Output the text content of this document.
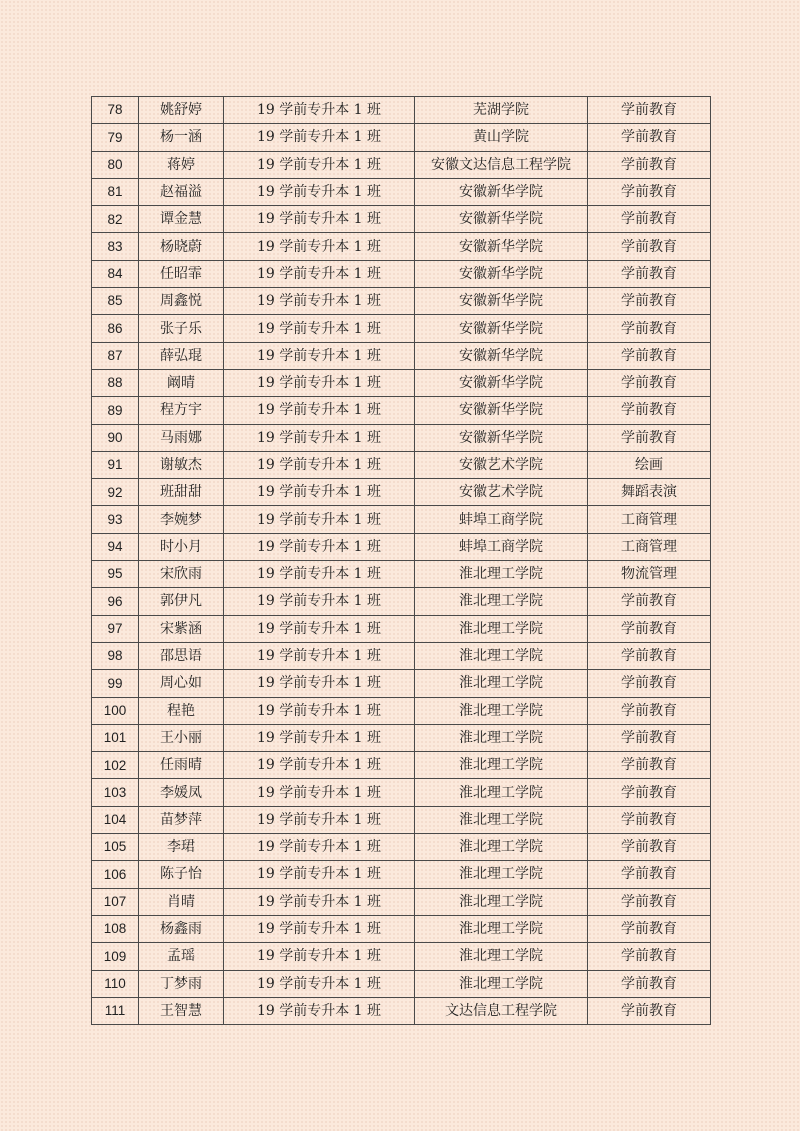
78	姚舒婷	19 学前专升本 1 班	芜湖学院	学前教育
79	杨一涵	19 学前专升本 1 班	黄山学院	学前教育
80	蒋婷	19 学前专升本 1 班	安徽文达信息工程学院	学前教育
81	赵福溢	19 学前专升本 1 班	安徽新华学院	学前教育
82	谭金慧	19 学前专升本 1 班	安徽新华学院	学前教育
83	杨晓蔚	19 学前专升本 1 班	安徽新华学院	学前教育
84	任昭霏	19 学前专升本 1 班	安徽新华学院	学前教育
85	周鑫悦	19 学前专升本 1 班	安徽新华学院	学前教育
86	张子乐	19 学前专升本 1 班	安徽新华学院	学前教育
87	薛弘琨	19 学前专升本 1 班	安徽新华学院	学前教育
88	阚晴	19 学前专升本 1 班	安徽新华学院	学前教育
89	程方宇	19 学前专升本 1 班	安徽新华学院	学前教育
90	马雨娜	19 学前专升本 1 班	安徽新华学院	学前教育
91	谢敏杰	19 学前专升本 1 班	安徽艺术学院	绘画
92	班甜甜	19 学前专升本 1 班	安徽艺术学院	舞蹈表演
93	李婉梦	19 学前专升本 1 班	蚌埠工商学院	工商管理
94	时小月	19 学前专升本 1 班	蚌埠工商学院	工商管理
95	宋欣雨	19 学前专升本 1 班	淮北理工学院	物流管理
96	郭伊凡	19 学前专升本 1 班	淮北理工学院	学前教育
97	宋紫涵	19 学前专升本 1 班	淮北理工学院	学前教育
98	邵思语	19 学前专升本 1 班	淮北理工学院	学前教育
99	周心如	19 学前专升本 1 班	淮北理工学院	学前教育
100	程艳	19 学前专升本 1 班	淮北理工学院	学前教育
101	王小丽	19 学前专升本 1 班	淮北理工学院	学前教育
102	任雨晴	19 学前专升本 1 班	淮北理工学院	学前教育
103	李媛凤	19 学前专升本 1 班	淮北理工学院	学前教育
104	苗梦萍	19 学前专升本 1 班	淮北理工学院	学前教育
105	李珺	19 学前专升本 1 班	淮北理工学院	学前教育
106	陈子怡	19 学前专升本 1 班	淮北理工学院	学前教育
107	肖晴	19 学前专升本 1 班	淮北理工学院	学前教育
108	杨鑫雨	19 学前专升本 1 班	淮北理工学院	学前教育
109	孟瑶	19 学前专升本 1 班	淮北理工学院	学前教育
110	丁梦雨	19 学前专升本 1 班	淮北理工学院	学前教育
111	王智慧	19 学前专升本 1 班	文达信息工程学院	学前教育
